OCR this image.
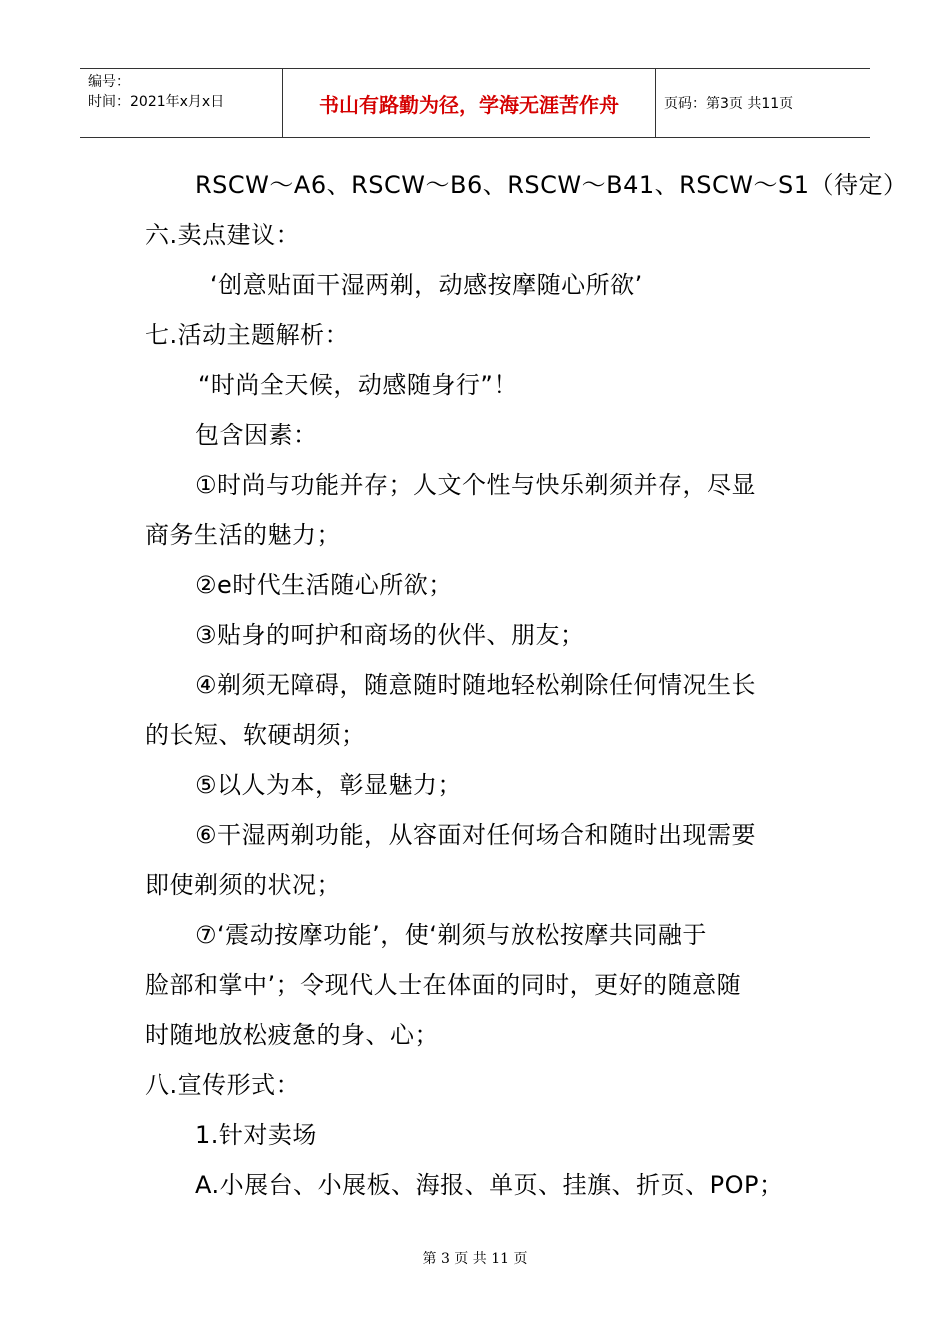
编号：
时间：2021年x月x日	书山有路勤为径，学海无涯苦作舟	页码：第3页 共11页
RSCW～A6、RSCW～B6、RSCW～B41、RSCW～S1（待定）
六.卖点建议：
‘创意贴面干湿两剃，动感按摩随心所欲’
七.活动主题解析：
“时尚全天候，动感随身行”！
包含因素：
①时尚与功能并存；人文个性与快乐剃须并存，尽显
商务生活的魅力；
②e时代生活随心所欲；
③贴身的呵护和商场的伙伴、朋友；
④剃须无障碍，随意随时随地轻松剃除任何情况生长
的长短、软硬胡须；
⑤以人为本，彰显魅力；
⑥干湿两剃功能，从容面对任何场合和随时出现需要
即使剃须的状况；
⑦‘震动按摩功能’，使‘剃须与放松按摩共同融于
脸部和掌中’；令现代人士在体面的同时，更好的随意随
时随地放松疲惫的身、心；
八.宣传形式：
1.针对卖场
A.小展台、小展板、海报、单页、挂旗、折页、POP；
第 3 页 共 11 页
